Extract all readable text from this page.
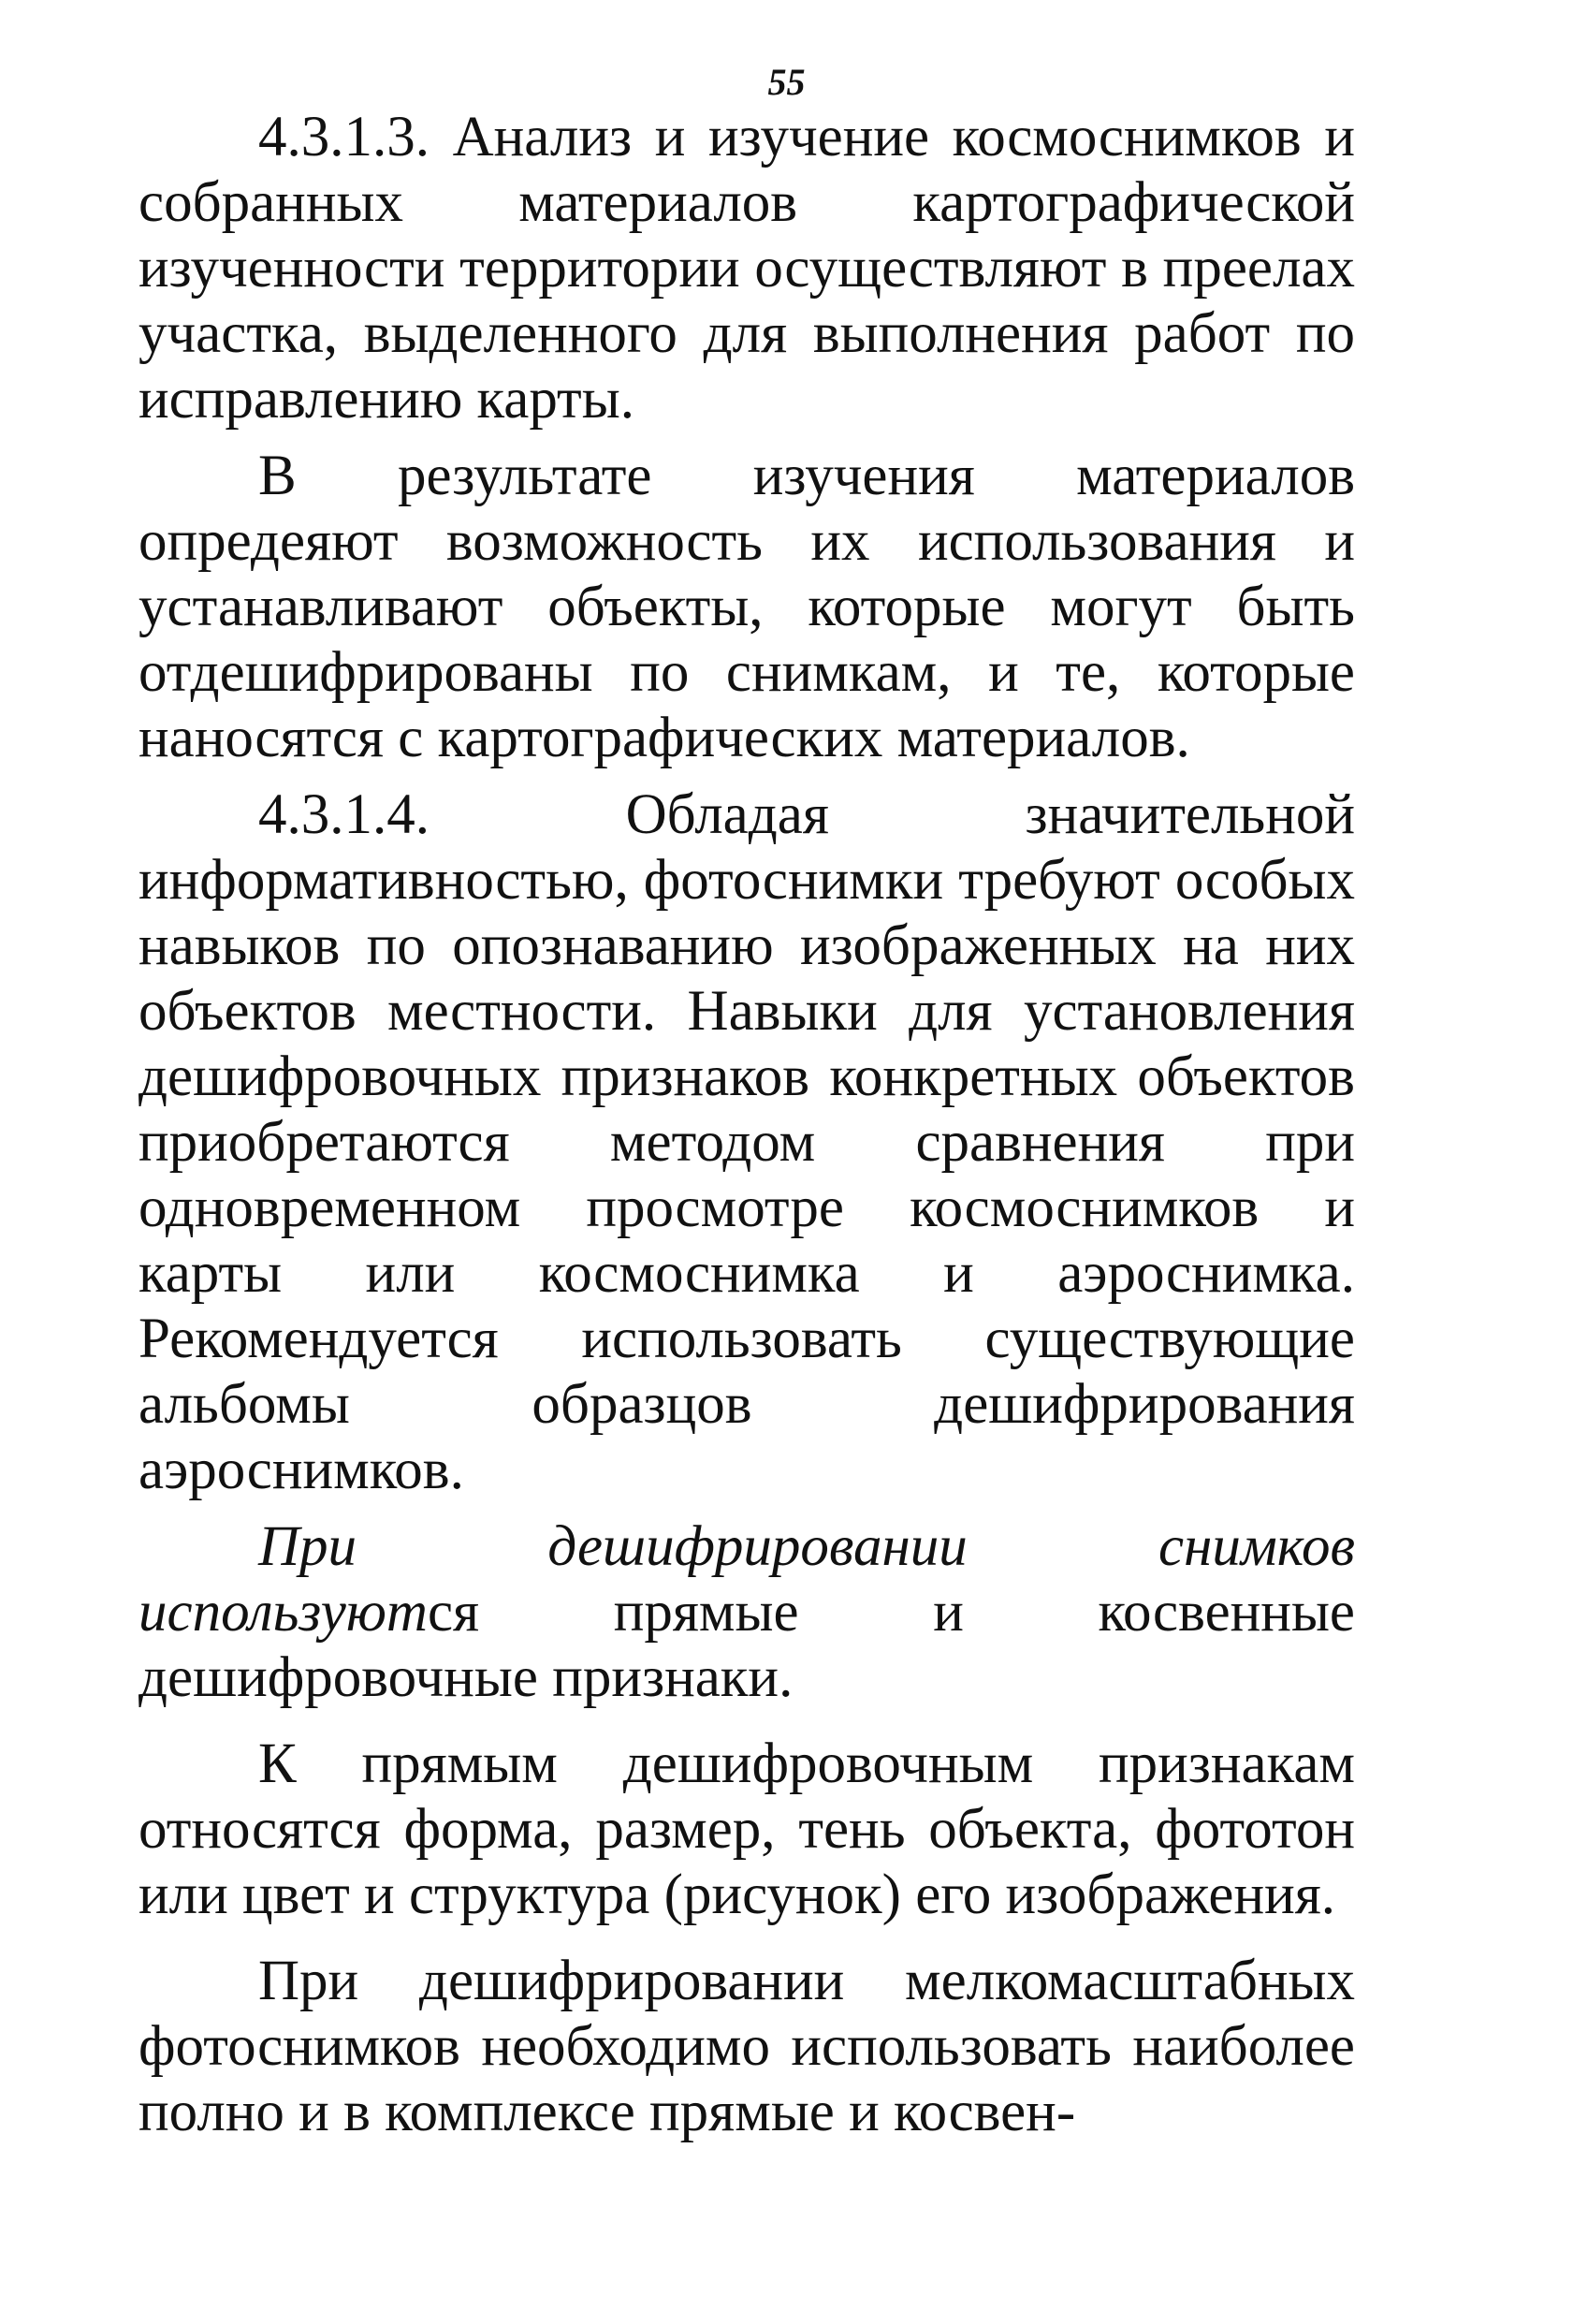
55

4.3.1.3. Анализ и изучение космоснимков и собранных материалов картографической изученности территории осуществляют в преелах участка, выделенного для выполнения работ по исправлению карты.

В результате изучения материалов опредеяют возможность их использования и устанавливают объекты, которые могут быть отдешифрированы по снимкам, и те, которые наносятся с картографических материалов.

4.3.1.4. Обладая значительной информативностью, фотоснимки требуют особых навыков по опознаванию изображенных на них объектов местности. Навыки для установления дешифровочных признаков конкретных объектов приобретаются методом сравнения при одновременном просмотре космоснимков и карты или космоснимка и аэроснимка. Рекомендуется использовать существующие альбомы образцов дешифрирования аэроснимков.

При дешифрировании снимков используются прямые и косвенные дешифровочные признаки.

К прямым дешифровочным признакам относятся форма, размер, тень объекта, фототон или цвет и структура (рисунок) его изображения.

При дешифрировании мелкомасштабных фотоснимков необходимо использовать наиболее полно и в комплексе прямые и косвен-
